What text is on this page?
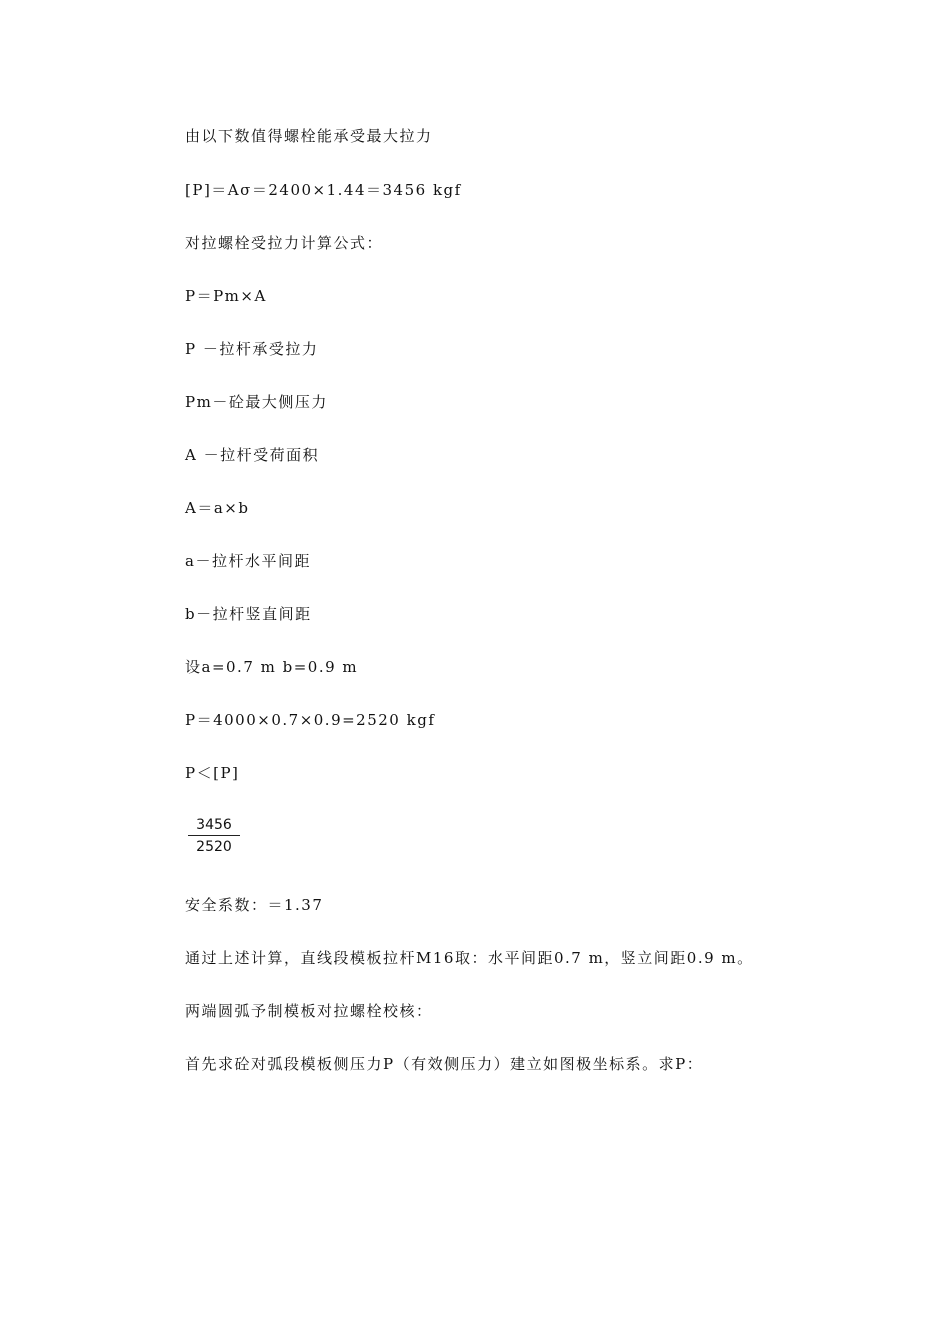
由以下数值得螺栓能承受最大拉力
[P]＝Aσ＝2400×1.44＝3456 kgf
对拉螺栓受拉力计算公式：
P＝Pm×A
P －拉杆承受拉力
Pm－砼最大侧压力
A －拉杆受荷面积
A＝a×b
a－拉杆水平间距
b－拉杆竖直间距
设a=0.7 m b=0.9 m
P＝4000×0.7×0.9=2520 kgf
P＜[P]
3456
2520
安全系数：＝1.37
通过上述计算，直线段模板拉杆M16取：水平间距0.7 m，竖立间距0.9 m。
两端圆弧予制模板对拉螺栓校核：
首先求砼对弧段模板侧压力P（有效侧压力）建立如图极坐标系。求P：
